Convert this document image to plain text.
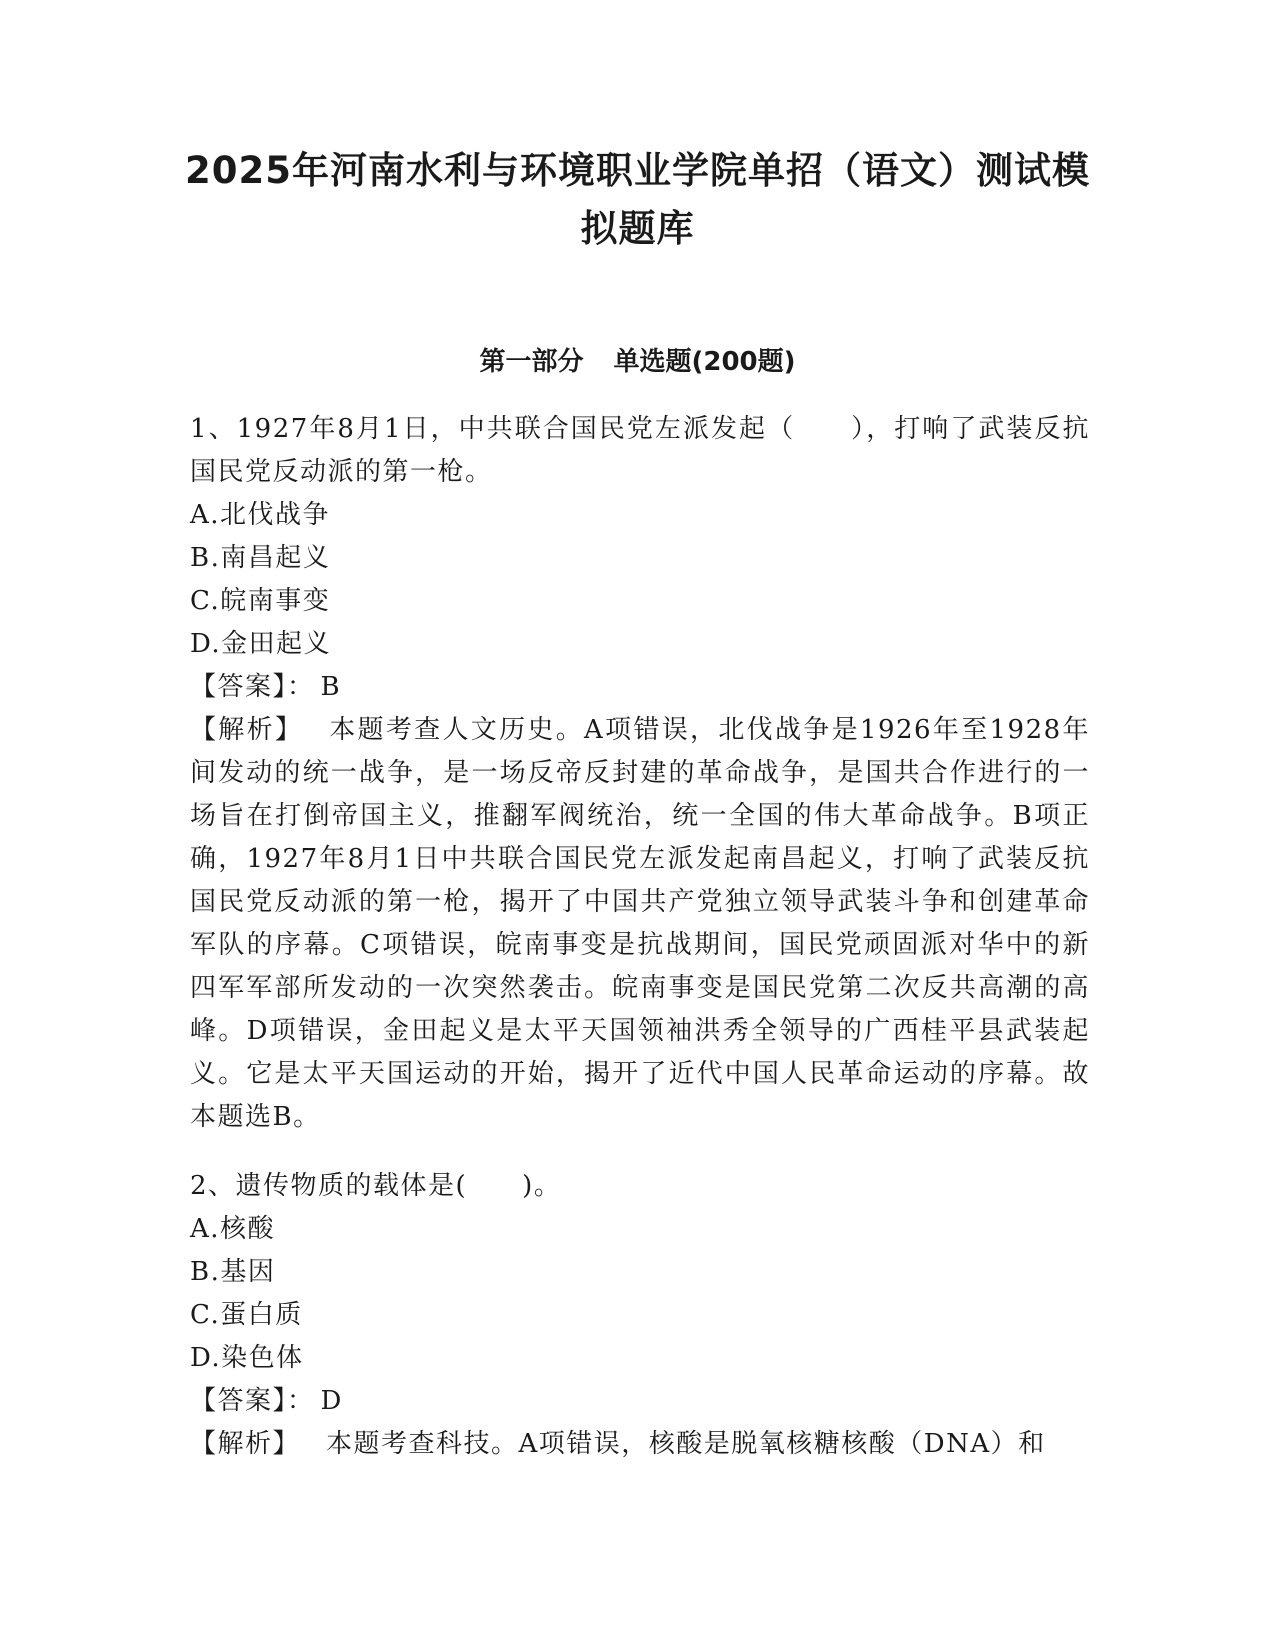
2025年河南水利与环境职业学院单招（语文）测试模
拟题库
第一部分 单选题(200题)

1、1927年8月1日，中共联合国民党左派发起（　　），打响了武装反抗国民党反动派的第一枪。

A.北伐战争

B.南昌起义

C.皖南事变

D.金田起义

【答案】： B

【解析】 本题考查人文历史。A项错误，北伐战争是1926年至1928年间发动的统一战争，是一场反帝反封建的革命战争，是国共合作进行的一场旨在打倒帝国主义，推翻军阀统治，统一全国的伟大革命战争。B项正确，1927年8月1日中共联合国民党左派发起南昌起义，打响了武装反抗国民党反动派的第一枪，揭开了中国共产党独立领导武装斗争和创建革命军队的序幕。C项错误，皖南事变是抗战期间，国民党顽固派对华中的新四军军部所发动的一次突然袭击。皖南事变是国民党第二次反共高潮的高峰。D项错误，金田起义是太平天国领袖洪秀全领导的广西桂平县武装起义。它是太平天国运动的开始，揭开了近代中国人民革命运动的序幕。故本题选B。

2、遗传物质的载体是(　　)。

A.核酸

B.基因

C.蛋白质

D.染色体

【答案】： D

【解析】 本题考查科技。A项错误，核酸是脱氧核糖核酸（DNA）和
